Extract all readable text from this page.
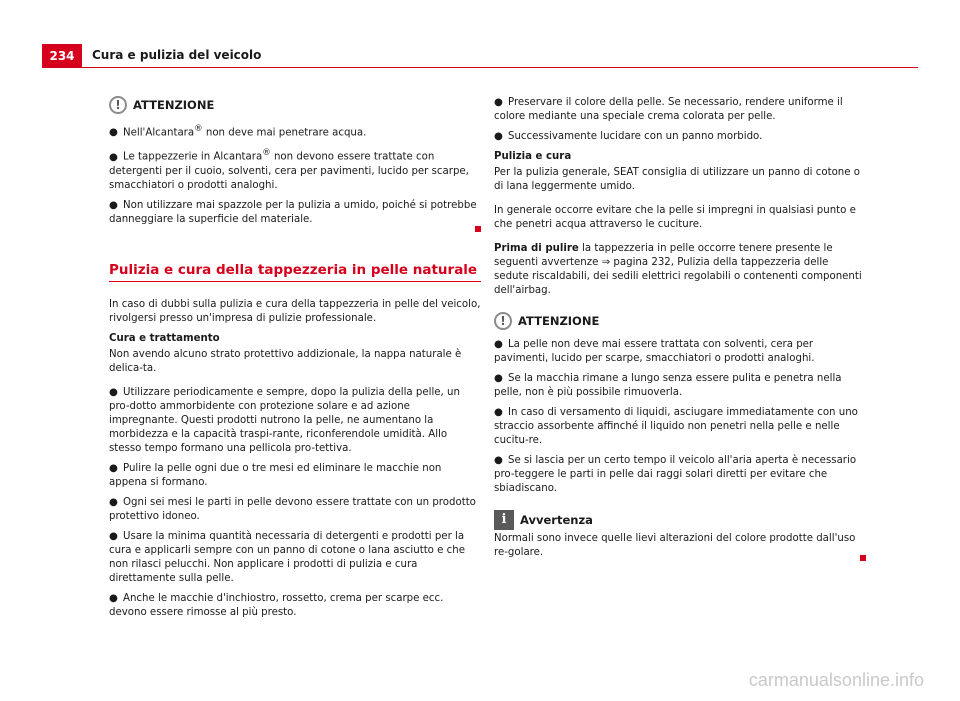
234	Cura e pulizia del veicolo
!	ATTENZIONE
● Nell'Alcantara® non deve mai penetrare acqua.
● Le tappezzerie in Alcantara® non devono essere trattate con detergenti per il cuoio, solventi, cera per pavimenti, lucido per scarpe, smacchiatori o prodotti analoghi.
● Non utilizzare mai spazzole per la pulizia a umido, poiché si potrebbe danneggiare la superficie del materiale.
Pulizia e cura della tappezzeria in pelle naturale

In caso di dubbi sulla pulizia e cura della tappezzeria in pelle del veicolo, rivolgersi presso un'impresa di pulizie professionale.

Cura e trattamento

Non avendo alcuno strato protettivo addizionale, la nappa naturale è delica-ta.

● Utilizzare periodicamente e sempre, dopo la pulizia della pelle, un pro-dotto ammorbidente con protezione solare e ad azione impregnante. Questi prodotti nutrono la pelle, ne aumentano la morbidezza e la capacità traspi-rante, riconferendole umidità. Allo stesso tempo formano una pellicola pro-tettiva.
● Pulire la pelle ogni due o tre mesi ed eliminare le macchie non appena si formano.
● Ogni sei mesi le parti in pelle devono essere trattate con un prodotto protettivo idoneo.
● Usare la minima quantità necessaria di detergenti e prodotti per la cura e applicarli sempre con un panno di cotone o lana asciutto e che non rilasci pelucchi. Non applicare i prodotti di pulizia e cura direttamente sulla pelle.
● Anche le macchie d'inchiostro, rossetto, crema per scarpe ecc. devono essere rimosse al più presto.
● Preservare il colore della pelle. Se necessario, rendere uniforme il colore mediante una speciale crema colorata per pelle.
● Successivamente lucidare con un panno morbido.
Pulizia e cura

Per la pulizia generale, SEAT consiglia di utilizzare un panno di cotone o di lana leggermente umido.

In generale occorre evitare che la pelle si impregni in qualsiasi punto e che penetri acqua attraverso le cuciture.

Prima di pulire la tappezzeria in pelle occorre tenere presente le seguenti avvertenze ⇒ pagina 232, Pulizia della tappezzeria delle sedute riscaldabili, dei sedili elettrici regolabili o contenenti componenti dell'airbag.

!	ATTENZIONE
● La pelle non deve mai essere trattata con solventi, cera per pavimenti, lucido per scarpe, smacchiatori o prodotti analoghi.
● Se la macchia rimane a lungo senza essere pulita e penetra nella pelle, non è più possibile rimuoverla.
● In caso di versamento di liquidi, asciugare immediatamente con uno straccio assorbente affinché il liquido non penetri nella pelle e nelle cucitu-re.
● Se si lascia per un certo tempo il veicolo all'aria aperta è necessario pro-teggere le parti in pelle dai raggi solari diretti per evitare che sbiadiscano.
i	Avvertenza

Normali sono invece quelle lievi alterazioni del colore prodotte dall'uso re-golare.

carmanualsonline.info
